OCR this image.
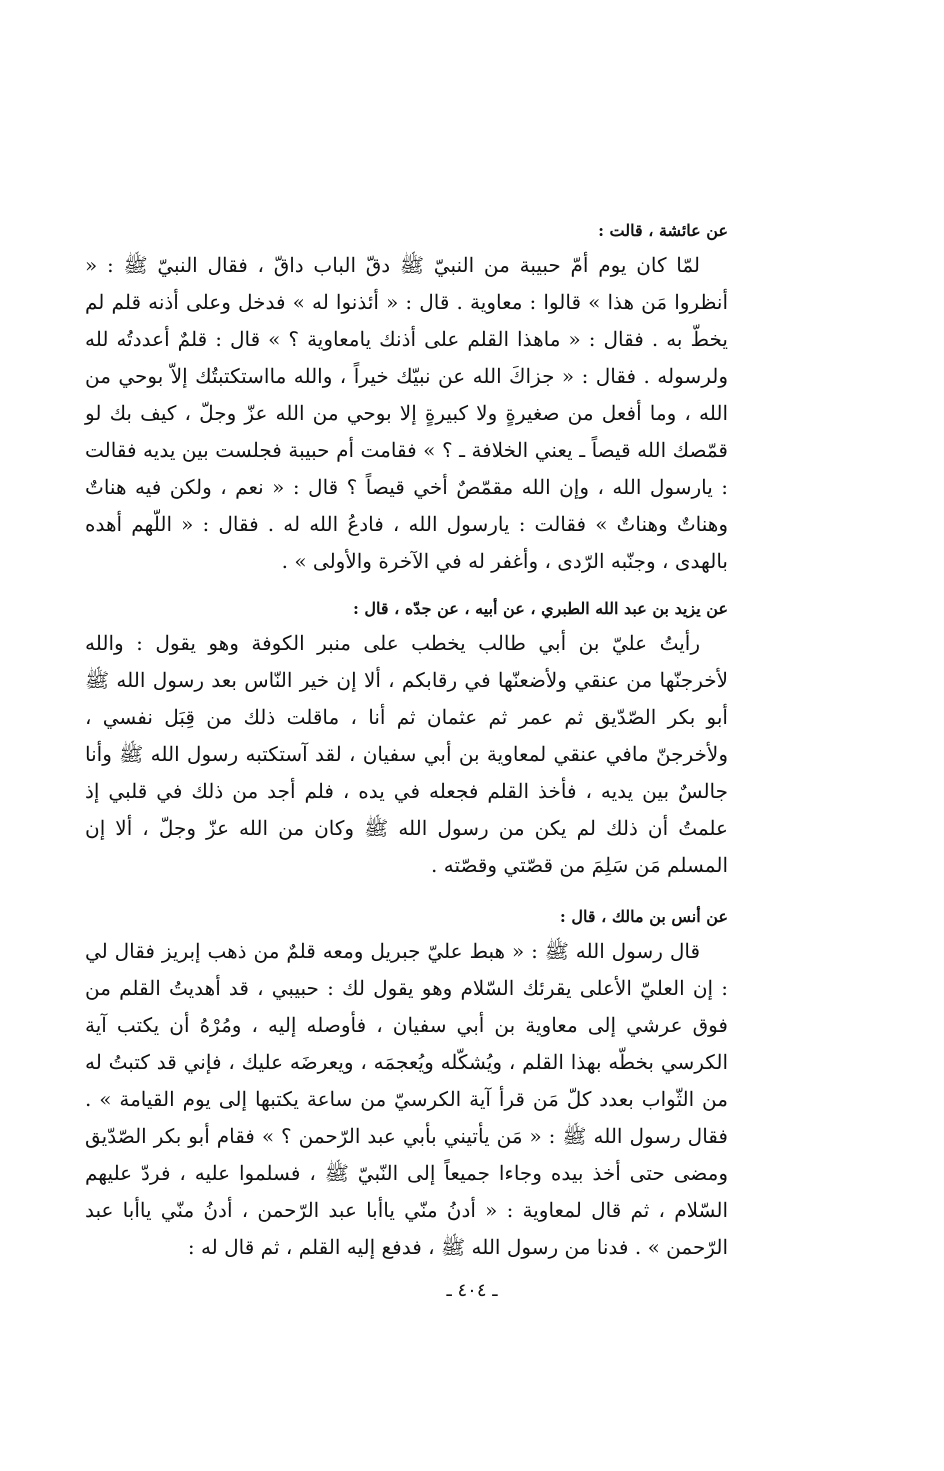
عن عائشة ، قالت :

لمّا كان يوم أمّ حبيبة من النبيّ ﷺ دقّ الباب داقّ ، فقال النبيّ ﷺ : « أنظروا مَن هذا » قالوا : معاوية . قال : « أئذنوا له » فدخل وعلى أذنه قلم لم يخطّ به . فقال : « ماهذا القلم على أذنك يامعاوية ؟ » قال : قلمٌ أعددتُه لله ولرسوله . فقال : « جزاكَ الله عن نبيّك خيراً ، والله مااستكتبتُك إلاّ بوحي من الله ، وما أفعل من صغيرةٍ ولا كبيرةٍ إلا بوحي من الله عزّ وجلّ ، كيف بك لو قمّصك الله قيصاً ـ يعني الخلافة ـ ؟ » فقامت أم حبيبة فجلست بين يديه فقالت : يارسول الله ، وإن الله مقمّصٌ أخي قيصاً ؟ قال : « نعم ، ولكن فيه هناتٌ وهناتٌ وهناتٌ » فقالت : يارسول الله ، فادعُ الله له . فقال : « اللّهم أهده بالهدى ، وجنّبه الرّدى ، وأغفر له في الآخرة والأولى » .

عن يزيد بن عبد الله الطبري ، عن أبيه ، عن جدّه ، قال :

رأيتُ عليّ بن أبي طالب يخطب على منبر الكوفة وهو يقول : والله لأخرجنّها من عنقي ولأضعنّها في رقابكم ، ألا إن خير النّاس بعد رسول الله ﷺ أبو بكر الصّدّيق ثم عمر ثم عثمان ثم أنا ، ماقلت ذلك من قِبَل نفسي ، ولأخرجنّ مافي عنقي لمعاوية بن أبي سفيان ، لقد آستكتبه رسول الله ﷺ وأنا جالسٌ بين يديه ، فأخذ القلم فجعله في يده ، فلم أجد من ذلك في قلبي إذ علمتُ أن ذلك لم يكن من رسول الله ﷺ وكان من الله عزّ وجلّ ، ألا إن المسلم مَن سَلِمَ من قصّتي وقصّته .

عن أنس بن مالك ، قال :

قال رسول الله ﷺ : « هبط عليّ جبريل ومعه قلمٌ من ذهب إبريز فقال لي : إن العليّ الأعلى يقرئك السّلام وهو يقول لك : حبيبي ، قد أهديتُ القلم من فوق عرشي إلى معاوية بن أبي سفيان ، فأوصله إليه ، ومُرْهُ أن يكتب آية الكرسي بخطّه بهذا القلم ، ويُشكّله ويُعجمَه ، ويعرضَه عليك ، فإني قد كتبتُ له من الثّواب بعدد كلّ مَن قرأ آية الكرسيّ من ساعة يكتبها إلى يوم القيامة » . فقال رسول الله ﷺ : « مَن يأتيني بأبي عبد الرّحمن ؟ » فقام أبو بكر الصّدّيق ومضى حتى أخذ بيده وجاءا جميعاً إلى النّبيّ ﷺ ، فسلموا عليه ، فردّ عليهم السّلام ، ثم قال لمعاوية : « أدنُ منّي ياأبا عبد الرّحمن ، أدنُ منّي ياأبا عبد الرّحمن » . فدنا من رسول الله ﷺ ، فدفع إليه القلم ، ثم قال له :

ـ ٤٠٤ ـ
